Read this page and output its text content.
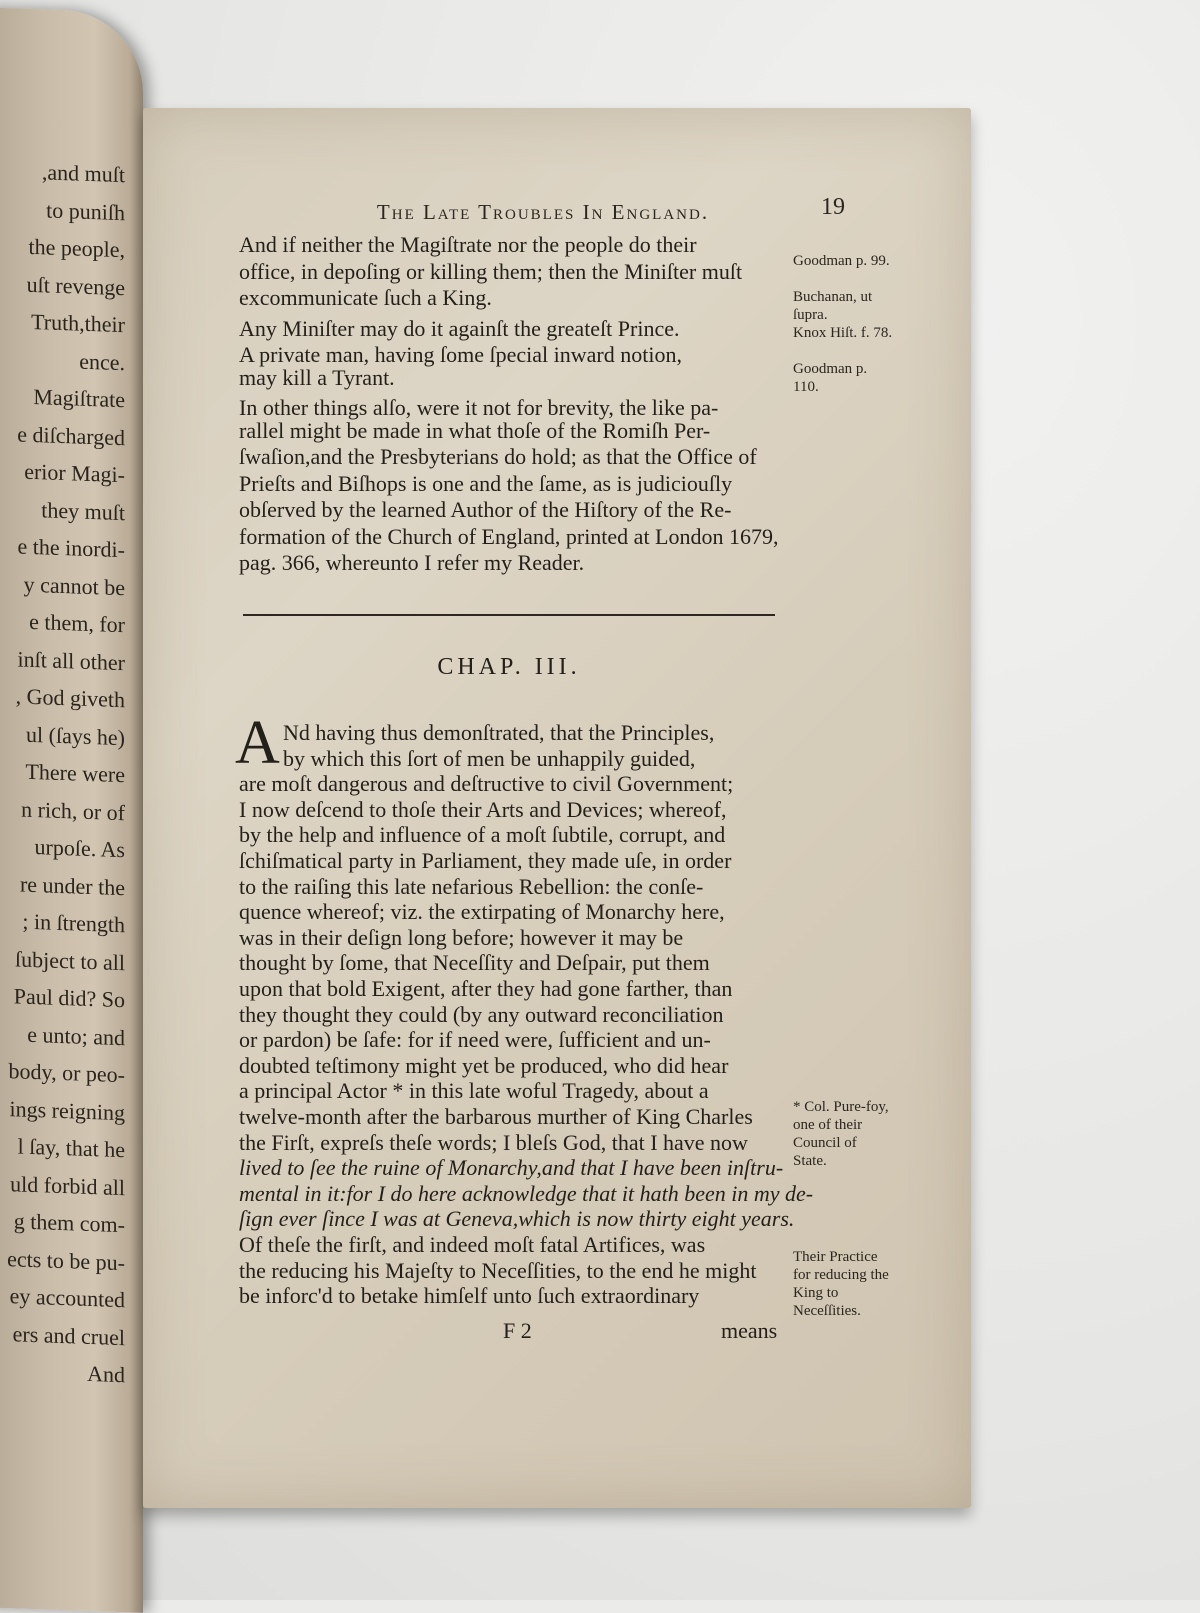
,and muſt
to puniſh
the people,
uſt revenge
Truth,their
ence.
Magiſtrate
e diſcharged
erior Magi-
they muſt
e the inordi-
y cannot be
e them, for
inſt all other
, God giveth
ul (ſays he)
There were
n rich, or of
urpoſe. As
re under the
; in ſtrength
ſubject to all
Paul did? So
e unto; and
body, or peo-
ings reigning
l ſay, that he
uld forbid all
g them com-
ects to be pu-
ey accounted
ers and cruel
And
The Late Troubles In England.	19
And if neither the Magiſtrate nor the people do their
office, in depoſing or killing them; then the Miniſter muſt
excommunicate ſuch a King.
Any Miniſter may do it againſt the greateſt Prince.
A private man, having ſome ſpecial inward notion,
may kill a Tyrant.
In other things alſo, were it not for brevity, the like pa-
rallel might be made in what thoſe of the Romiſh Per-
ſwaſion,and the Presbyterians do hold; as that the Office of
Prieſts and Biſhops is one and the ſame, as is judiciouſly
obſerved by the learned Author of the Hiſtory of the Re-
formation of the Church of England, printed at London 1679,
pag. 366, whereunto I refer my Reader.
Goodman p. 99.
Buchanan, ut ſupra.
Knox Hiſt. f. 78.
Goodman p. 110.
CHAP. III.
A Nd having thus demonſtrated, that the Principles,
by which this ſort of men be unhappily guided,
are moſt dangerous and deſtructive to civil Government;
I now deſcend to thoſe their Arts and Devices; whereof,
by the help and influence of a moſt ſubtile, corrupt, and
ſchiſmatical party in Parliament, they made uſe, in order
to the raiſing this late nefarious Rebellion: the conſe-
quence whereof; viz. the extirpating of Monarchy here,
was in their deſign long before; however it may be
thought by ſome, that Neceſſity and Deſpair, put them
upon that bold Exigent, after they had gone farther, than
they thought they could (by any outward reconciliation
or pardon) be ſafe: for if need were, ſufficient and un-
doubted teſtimony might yet be produced, who did hear
a principal Actor * in this late woful Tragedy, about a
twelve-month after the barbarous murther of King Charles
the Firſt, expreſs theſe words; I bleſs God, that I have now
lived to ſee the ruine of Monarchy,and that I have been inſtru-
mental in it:for I do here acknowledge that it hath been in my de-
ſign ever ſince I was at Geneva,which is now thirty eight years.
Of theſe the firſt, and indeed moſt fatal Artifices, was
the reducing his Majeſty to Neceſſities, to the end he might
be inforc'd to betake himſelf unto ſuch extraordinary
* Col. Pure-foy, one of their Council of State.
Their Practice for reducing the King to Neceſſities.
F 2	means
